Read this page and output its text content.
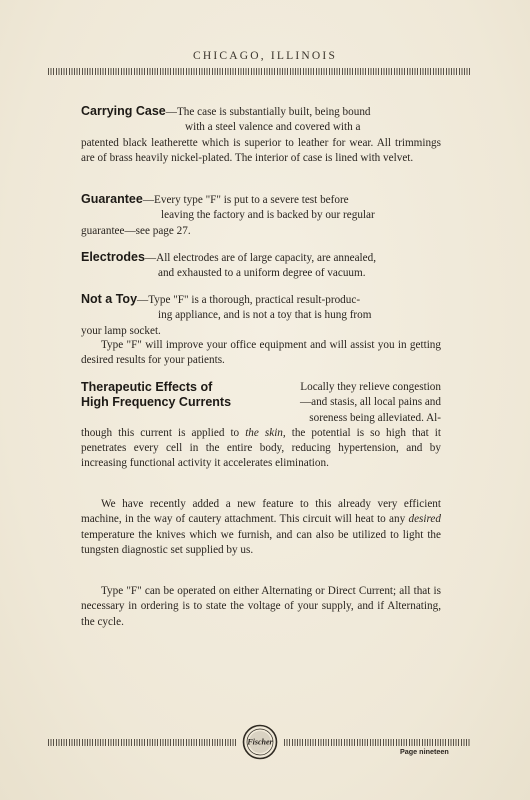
CHICAGO, ILLINOIS
Carrying Case—The case is substantially built, being bound
with a steel valence and covered with a
patented black leatherette which is superior to leather for wear. All trimmings are of brass heavily nickel-plated. The interior of case is lined with velvet.
Guarantee—Every type "F" is put to a severe test before
leaving the factory and is backed by our regular
guarantee—see page 27.
Electrodes—All electrodes are of large capacity, are annealed,
and exhausted to a uniform degree of vacuum.
Not a Toy—Type "F" is a thorough, practical result-produc-
ing appliance, and is not a toy that is hung from
your lamp socket.
Type "F" will improve your office equipment and will assist you in getting desired results for your patients.
Therapeutic Effects of	Locally they relieve congestion
High Frequency Currents	—and stasis, all local pains and
soreness being alleviated. Al-
though this current is applied to the skin, the potential is so high that it penetrates every cell in the entire body, reducing hypertension, and by increasing functional activity it accelerates elimination.
We have recently added a new feature to this already very efficient machine, in the way of cautery attachment. This circuit will heat to any desired temperature the knives which we furnish, and can also be utilized to light the tungsten diagnostic set supplied by us.
Type "F" can be operated on either Alternating or Direct Current; all that is necessary in ordering is to state the voltage of your supply, and if Alternating, the cycle.
Fischer
Page nineteen
